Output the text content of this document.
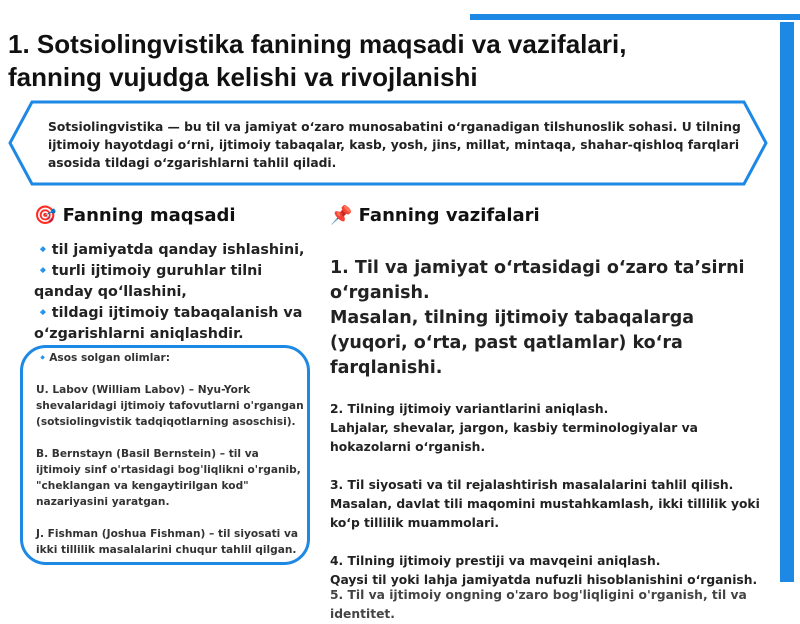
1. Sotsiolingvistika fanining maqsadi va vazifalari,
fanning vujudga kelishi va rivojlanishi
Sotsiolingvistika — bu til va jamiyat oʻzaro munosabatini oʻrganadigan tilshunoslik sohasi. U tilning ijtimoiy hayotdagi oʻrni, ijtimoiy tabaqalar, kasb, yosh, jins, millat, mintaqa, shahar-qishloq farqlari asosida tildagi oʻzgarishlarni tahlil qiladi.
🎯 Fanning maqsadi
🔹til jamiyatda qanday ishlashini,
🔹turli ijtimoiy guruhlar tilni qanday qoʻllashini,
🔹tildagi ijtimoiy tabaqalanish va oʻzgarishlarni aniqlashdir.

🔹Asos solgan olimlar:

U. Labov (William Labov) – Nyu-York shevalaridagi ijtimoiy tafovutlarni o'rgangan (sotsiolingvistik tadqiqotlarning asoschisi).

B. Bernstayn (Basil Bernstein) – til va ijtimoiy sinf o'rtasidagi bog'liqlikni o'rganib, "cheklangan va kengaytirilgan kod" nazariyasini yaratgan.

J. Fishman (Joshua Fishman) – til siyosati va ikki tillilik masalalarini chuqur tahlil qilgan.

📌 Fanning vazifalari

1. Til va jamiyat oʻrtasidagi oʻzaro taʼsirni oʻrganish.

Masalan, tilning ijtimoiy tabaqalarga (yuqori, oʻrta, past qatlamlar) koʻra farqlanishi.

2. Tilning ijtimoiy variantlarini aniqlash.

Lahjalar, shevalar, jargon, kasbiy terminologiyalar va hokazolarni oʻrganish.

3. Til siyosati va til rejalashtirish masalalarini tahlil qilish.

Masalan, davlat tili maqomini mustahkamlash, ikki tillilik yoki koʻp tillilik muammolari.

4. Tilning ijtimoiy prestiji va mavqeini aniqlash.

Qaysi til yoki lahja jamiyatda nufuzli hisoblanishini oʻrganish.

5. Til va ijtimoiy ongning o'zaro bog'liqligini o'rganish, til va identitet.
